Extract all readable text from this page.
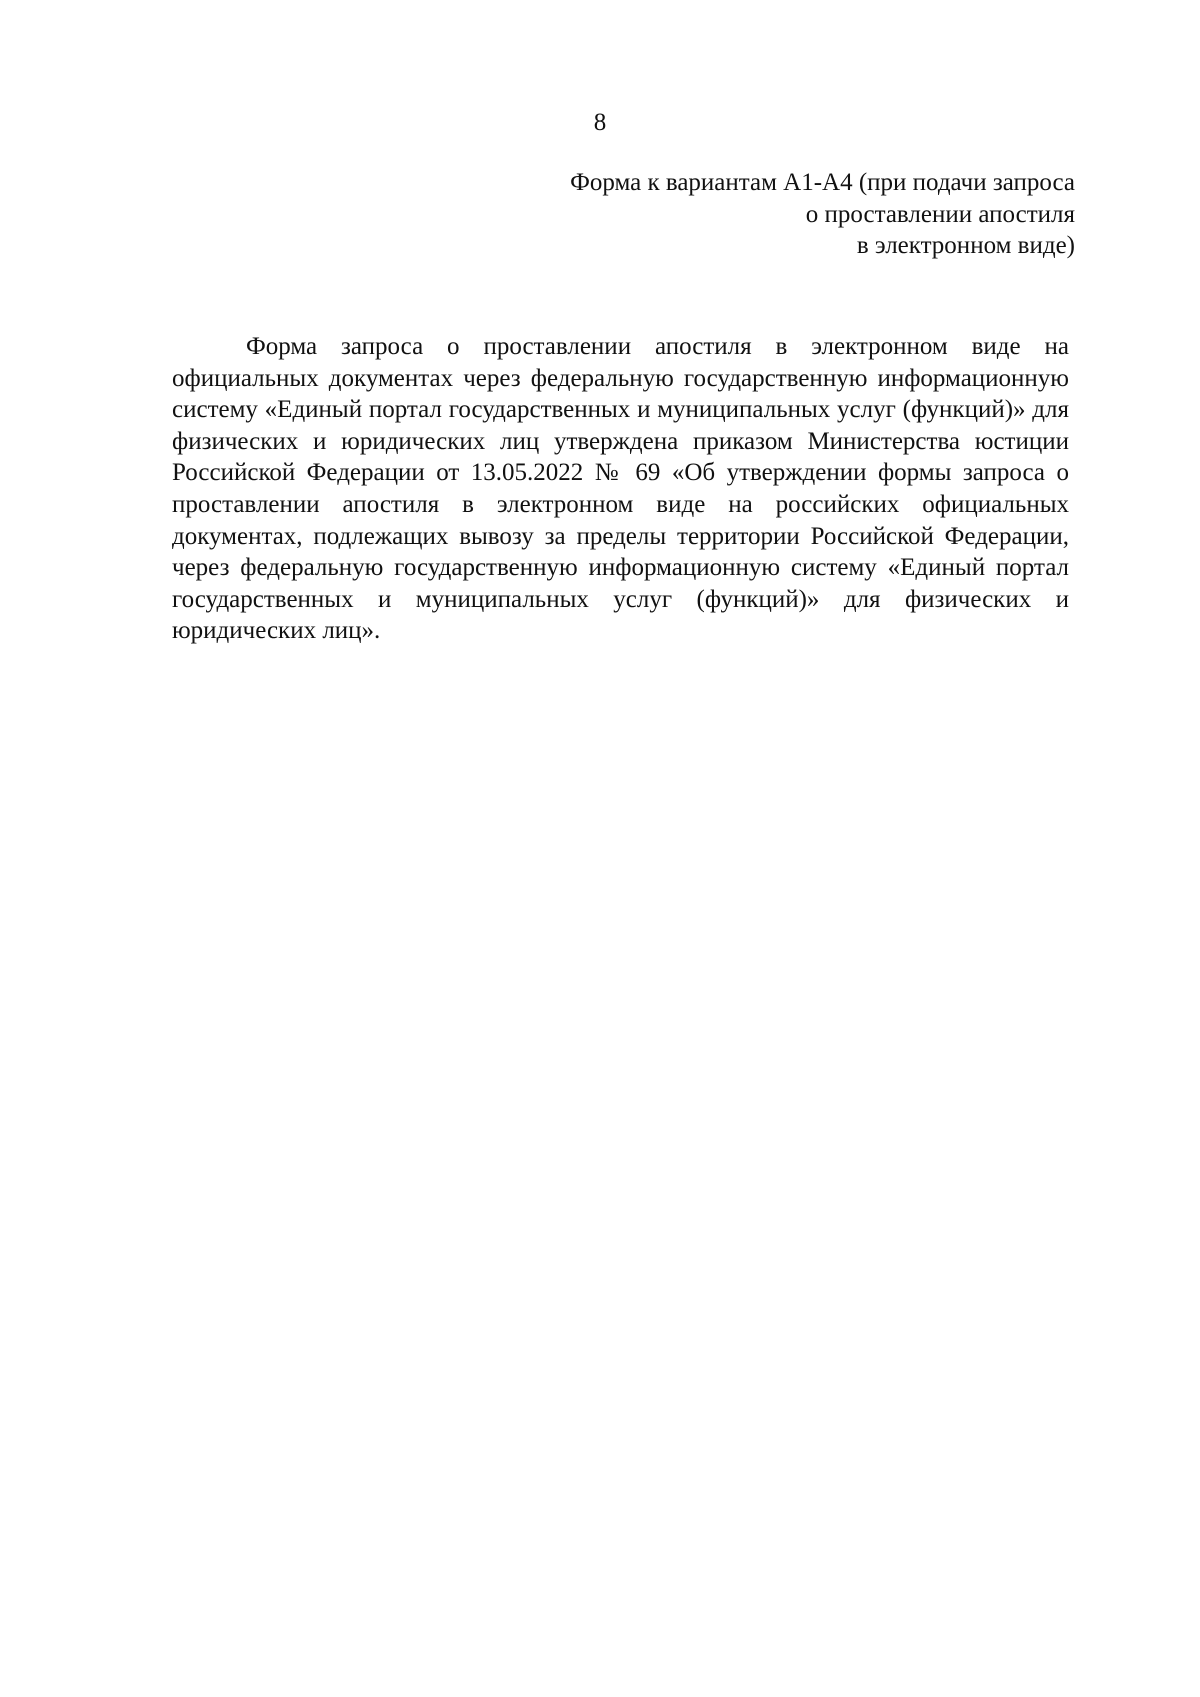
8
Форма к вариантам А1-А4 (при подачи запроса
о проставлении апостиля
в электронном виде)

Форма запроса о проставлении апостиля в электронном виде на официальных документах через федеральную государственную информационную систему «Единый портал государственных и муниципальных услуг (функций)» для физических и юридических лиц утверждена приказом Министерства юстиции Российской Федерации от 13.05.2022 № 69 «Об утверждении формы запроса о проставлении апостиля в электронном виде на российских официальных документах, подлежащих вывозу за пределы территории Российской Федерации, через федеральную государственную информационную систему «Единый портал государственных и муниципальных услуг (функций)» для физических и юридических лиц».
